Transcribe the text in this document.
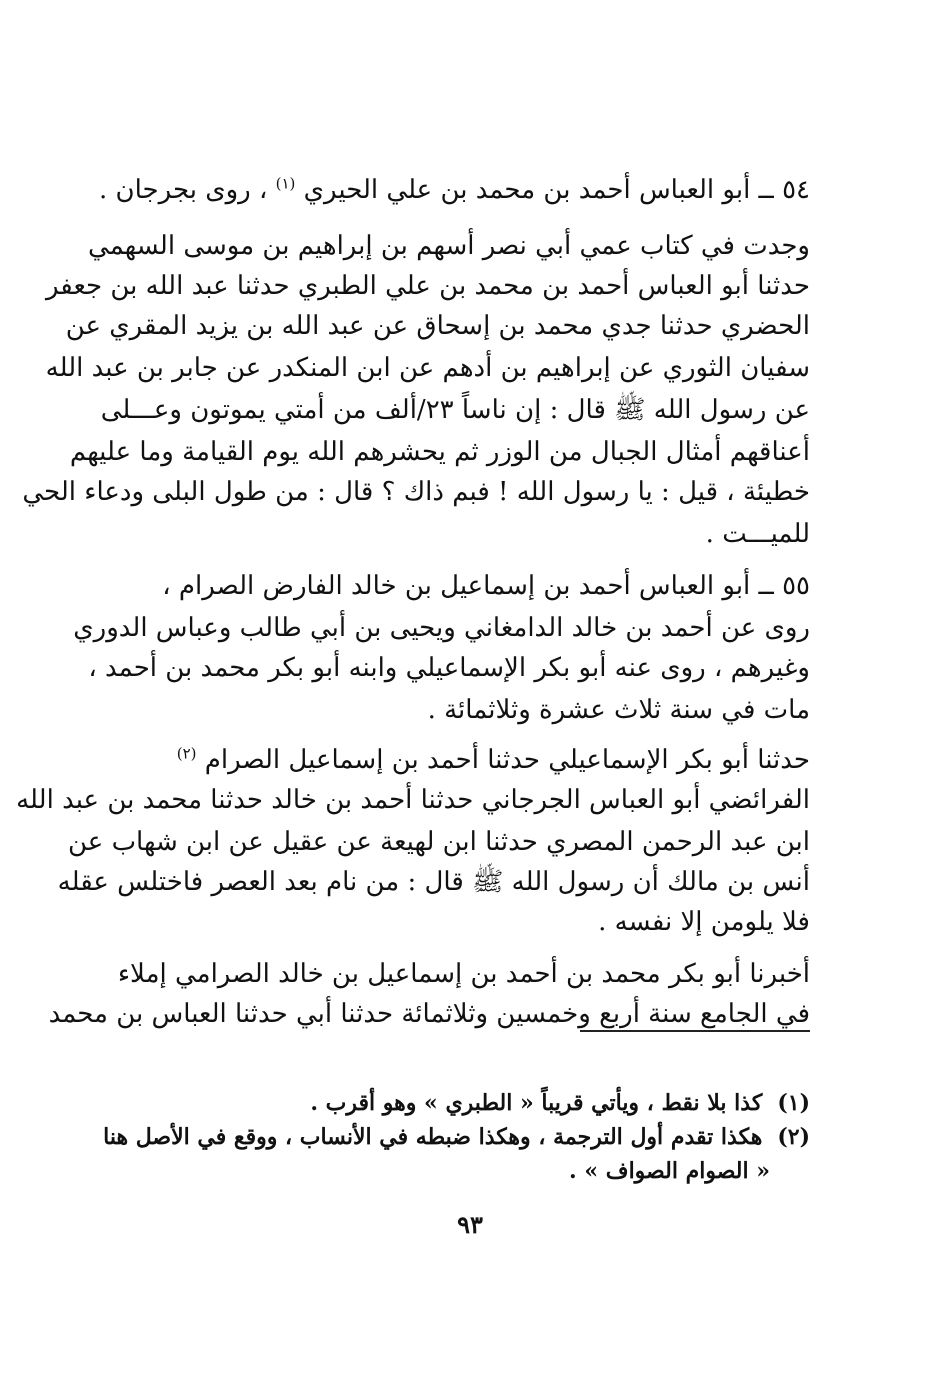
٥٤ ــ أبو العباس أحمد بن محمد بن علي الحيري $^{(١)}$ ، روى بجرجان .
وجدت في كتاب عمي أبي نصر أسهم بن إبراهيم بن موسى السهمي
حدثنا أبو العباس أحمد بن محمد بن علي الطبري حدثنا عبد الله بن جعفر
الحضري حدثنا جدي محمد بن إسحاق عن عبد الله بن يزيد المقري عن
سفيان الثوري عن إبراهيم بن أدهم عن ابن المنكدر عن جابر بن عبد الله
عن رسول الله ﷺ قال : إن ناساً ٢٣/ألف من أمتي يموتون وعـــلى
أعناقهم أمثال الجبال من الوزر ثم يحشرهم الله يوم القيامة وما عليهم
خطيئة ، قيل : يا رسول الله ! فبم ذاك ؟ قال : من طول البلى ودعاء الحي
للميـــت .
٥٥ ــ أبو العباس أحمد بن إسماعيل بن خالد الفارض الصرام ،
روى عن أحمد بن خالد الدامغاني ويحيى بن أبي طالب وعباس الدوري
وغيرهم ، روى عنه أبو بكر الإسماعيلي وابنه أبو بكر محمد بن أحمد ،
مات في سنة ثلاث عشرة وثلاثمائة .
حدثنا أبو بكر الإسماعيلي حدثنا أحمد بن إسماعيل الصرام $^{(٢)}$
الفرائضي أبو العباس الجرجاني حدثنا أحمد بن خالد حدثنا محمد بن عبد الله
ابن عبد الرحمن المصري حدثنا ابن لهيعة عن عقيل عن ابن شهاب عن
أنس بن مالك أن رسول الله ﷺ قال : من نام بعد العصر فاختلس عقله
فلا يلومن إلا نفسه .
أخبرنا أبو بكر محمد بن أحمد بن إسماعيل بن خالد الصرامي إملاء
في الجامع سنة أربع وخمسين وثلاثمائة حدثنا أبي حدثنا العباس بن محمد
(١) كذا بلا نقط ، ويأتي قريباً « الطبري » وهو أقرب .
(٢) هكذا تقدم أول الترجمة ، وهكذا ضبطه في الأنساب ، ووقع في الأصل هنا
« الصوام الصواف » .
٩٣
